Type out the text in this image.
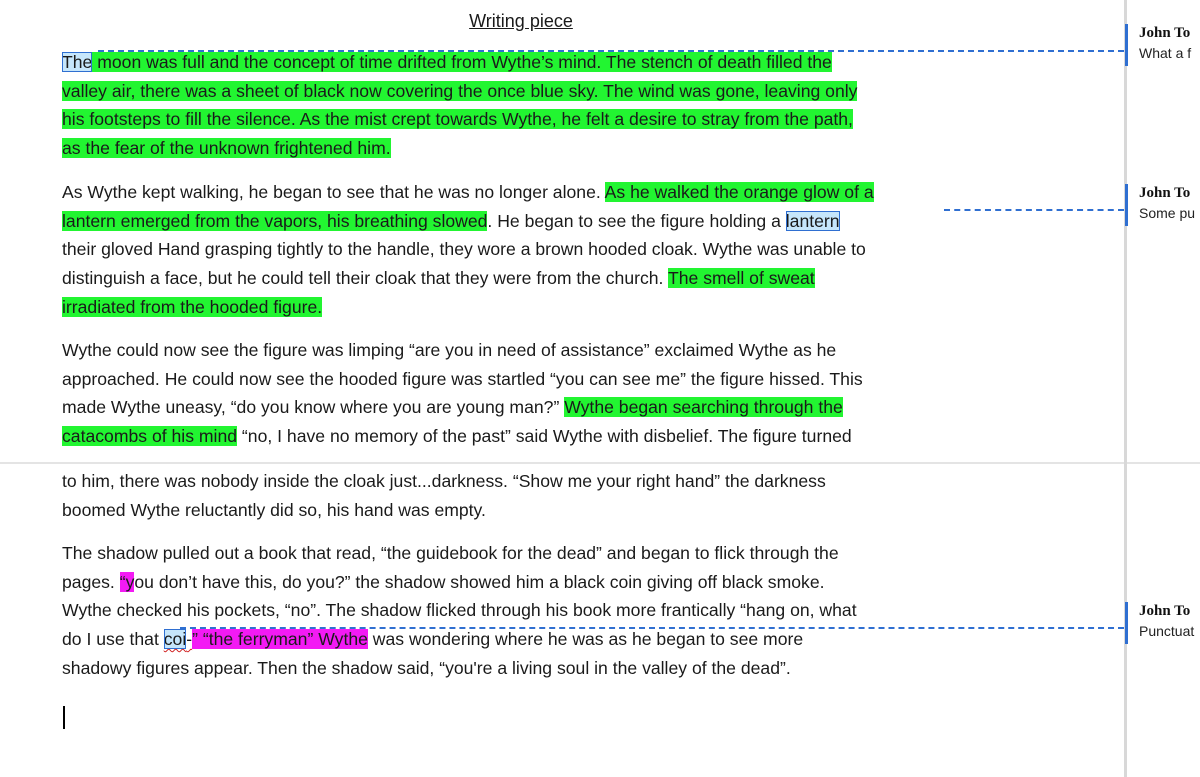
Writing piece

The moon was full and the concept of time drifted from Wythe’s mind. The stench of death filled the
valley air, there was a sheet of black now covering the once blue sky. The wind was gone, leaving only
his footsteps to fill the silence. As the mist crept towards Wythe, he felt a desire to stray from the path,
as the fear of the unknown frightened him.

As Wythe kept walking, he began to see that he was no longer alone. As he walked the orange glow of a
lantern emerged from the vapors, his breathing slowed. He began to see the figure holding a lantern
their gloved Hand grasping tightly to the handle, they wore a brown hooded cloak. Wythe was unable to
distinguish a face, but he could tell their cloak that they were from the church. The smell of sweat
irradiated from the hooded figure.

Wythe could now see the figure was limping “are you in need of assistance” exclaimed Wythe as he
approached. He could now see the hooded figure was startled “you can see me” the figure hissed. This
made Wythe uneasy, “do you know where you are young man?” Wythe began searching through the
catacombs of his mind “no, I have no memory of the past” said Wythe with disbelief. The figure turned

to him, there was nobody inside the cloak just...darkness. “Show me your right hand” the darkness
boomed Wythe reluctantly did so, his hand was empty.

The shadow pulled out a book that read, “the guidebook for the dead” and began to flick through the
pages. “you don’t have this, do you?” the shadow showed him a black coin giving off black smoke.
Wythe checked his pockets, “no”. The shadow flicked through his book more frantically “hang on, what
do I use that coi-” “the ferryman” Wythe was wondering where he was as he began to see more
shadowy figures appear. Then the shadow said, “you're a living soul in the valley of the dead”.

John To
What a f
John To
Some pu
John To
Punctuat
